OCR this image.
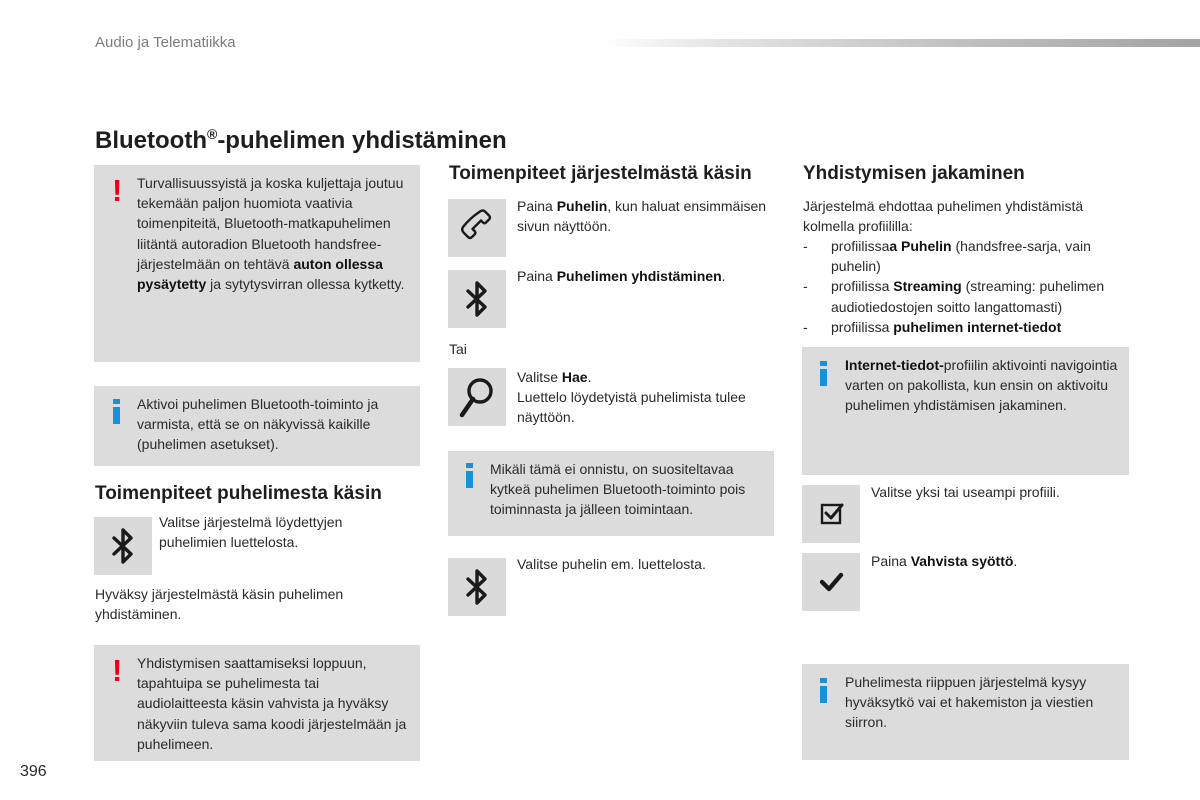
Audio ja Telematiikka
Bluetooth®-puhelimen yhdistäminen
! Turvallisuussyistä ja koska kuljettaja joutuu tekemään paljon huomiota vaativia toimenpiteitä, Bluetooth-matkapuhelimen liitäntä autoradion Bluetooth handsfree-järjestelmään on tehtävä auton ollessa pysäytetty ja sytytysvirran ollessa kytketty.
Aktivoi puhelimen Bluetooth-toiminto ja varmista, että se on näkyvissä kaikille (puhelimen asetukset).
Toimenpiteet puhelimesta käsin
Valitse järjestelmä löydettyjen puhelimien luettelosta.
Hyväksy järjestelmästä käsin puhelimen yhdistäminen.
! Yhdistymisen saattamiseksi loppuun, tapahtuipa se puhelimesta tai audiolaitteesta käsin vahvista ja hyväksy näkyviin tuleva sama koodi järjestelmään ja puhelimeen.
Toimenpiteet järjestelmästä käsin
Paina Puhelin, kun haluat ensimmäisen sivun näyttöön.
Paina Puhelimen yhdistäminen.
Tai
Valitse Hae.
Luettelo löydetyistä puhelimista tulee näyttöön.
Mikäli tämä ei onnistu, on suositeltavaa kytkeä puhelimen Bluetooth-toiminto pois toiminnasta ja jälleen toimintaan.
Valitse puhelin em. luettelosta.
Yhdistymisen jakaminen
Järjestelmä ehdottaa puhelimen yhdistämistä kolmella profiililla:
-	profiilissaa Puhelin (handsfree-sarja, vain puhelin)
-	profiilissa Streaming (streaming: puhelimen audiotiedostojen soitto langattomasti)
-	profiilissa puhelimen internet-tiedot
Internet-tiedot-profiilin aktivointi navigointia varten on pakollista, kun ensin on aktivoitu puhelimen yhdistämisen jakaminen.
Valitse yksi tai useampi profiili.
Paina Vahvista syöttö.
Puhelimesta riippuen järjestelmä kysyy hyväksytkö vai et hakemiston ja viestien siirron.
396
